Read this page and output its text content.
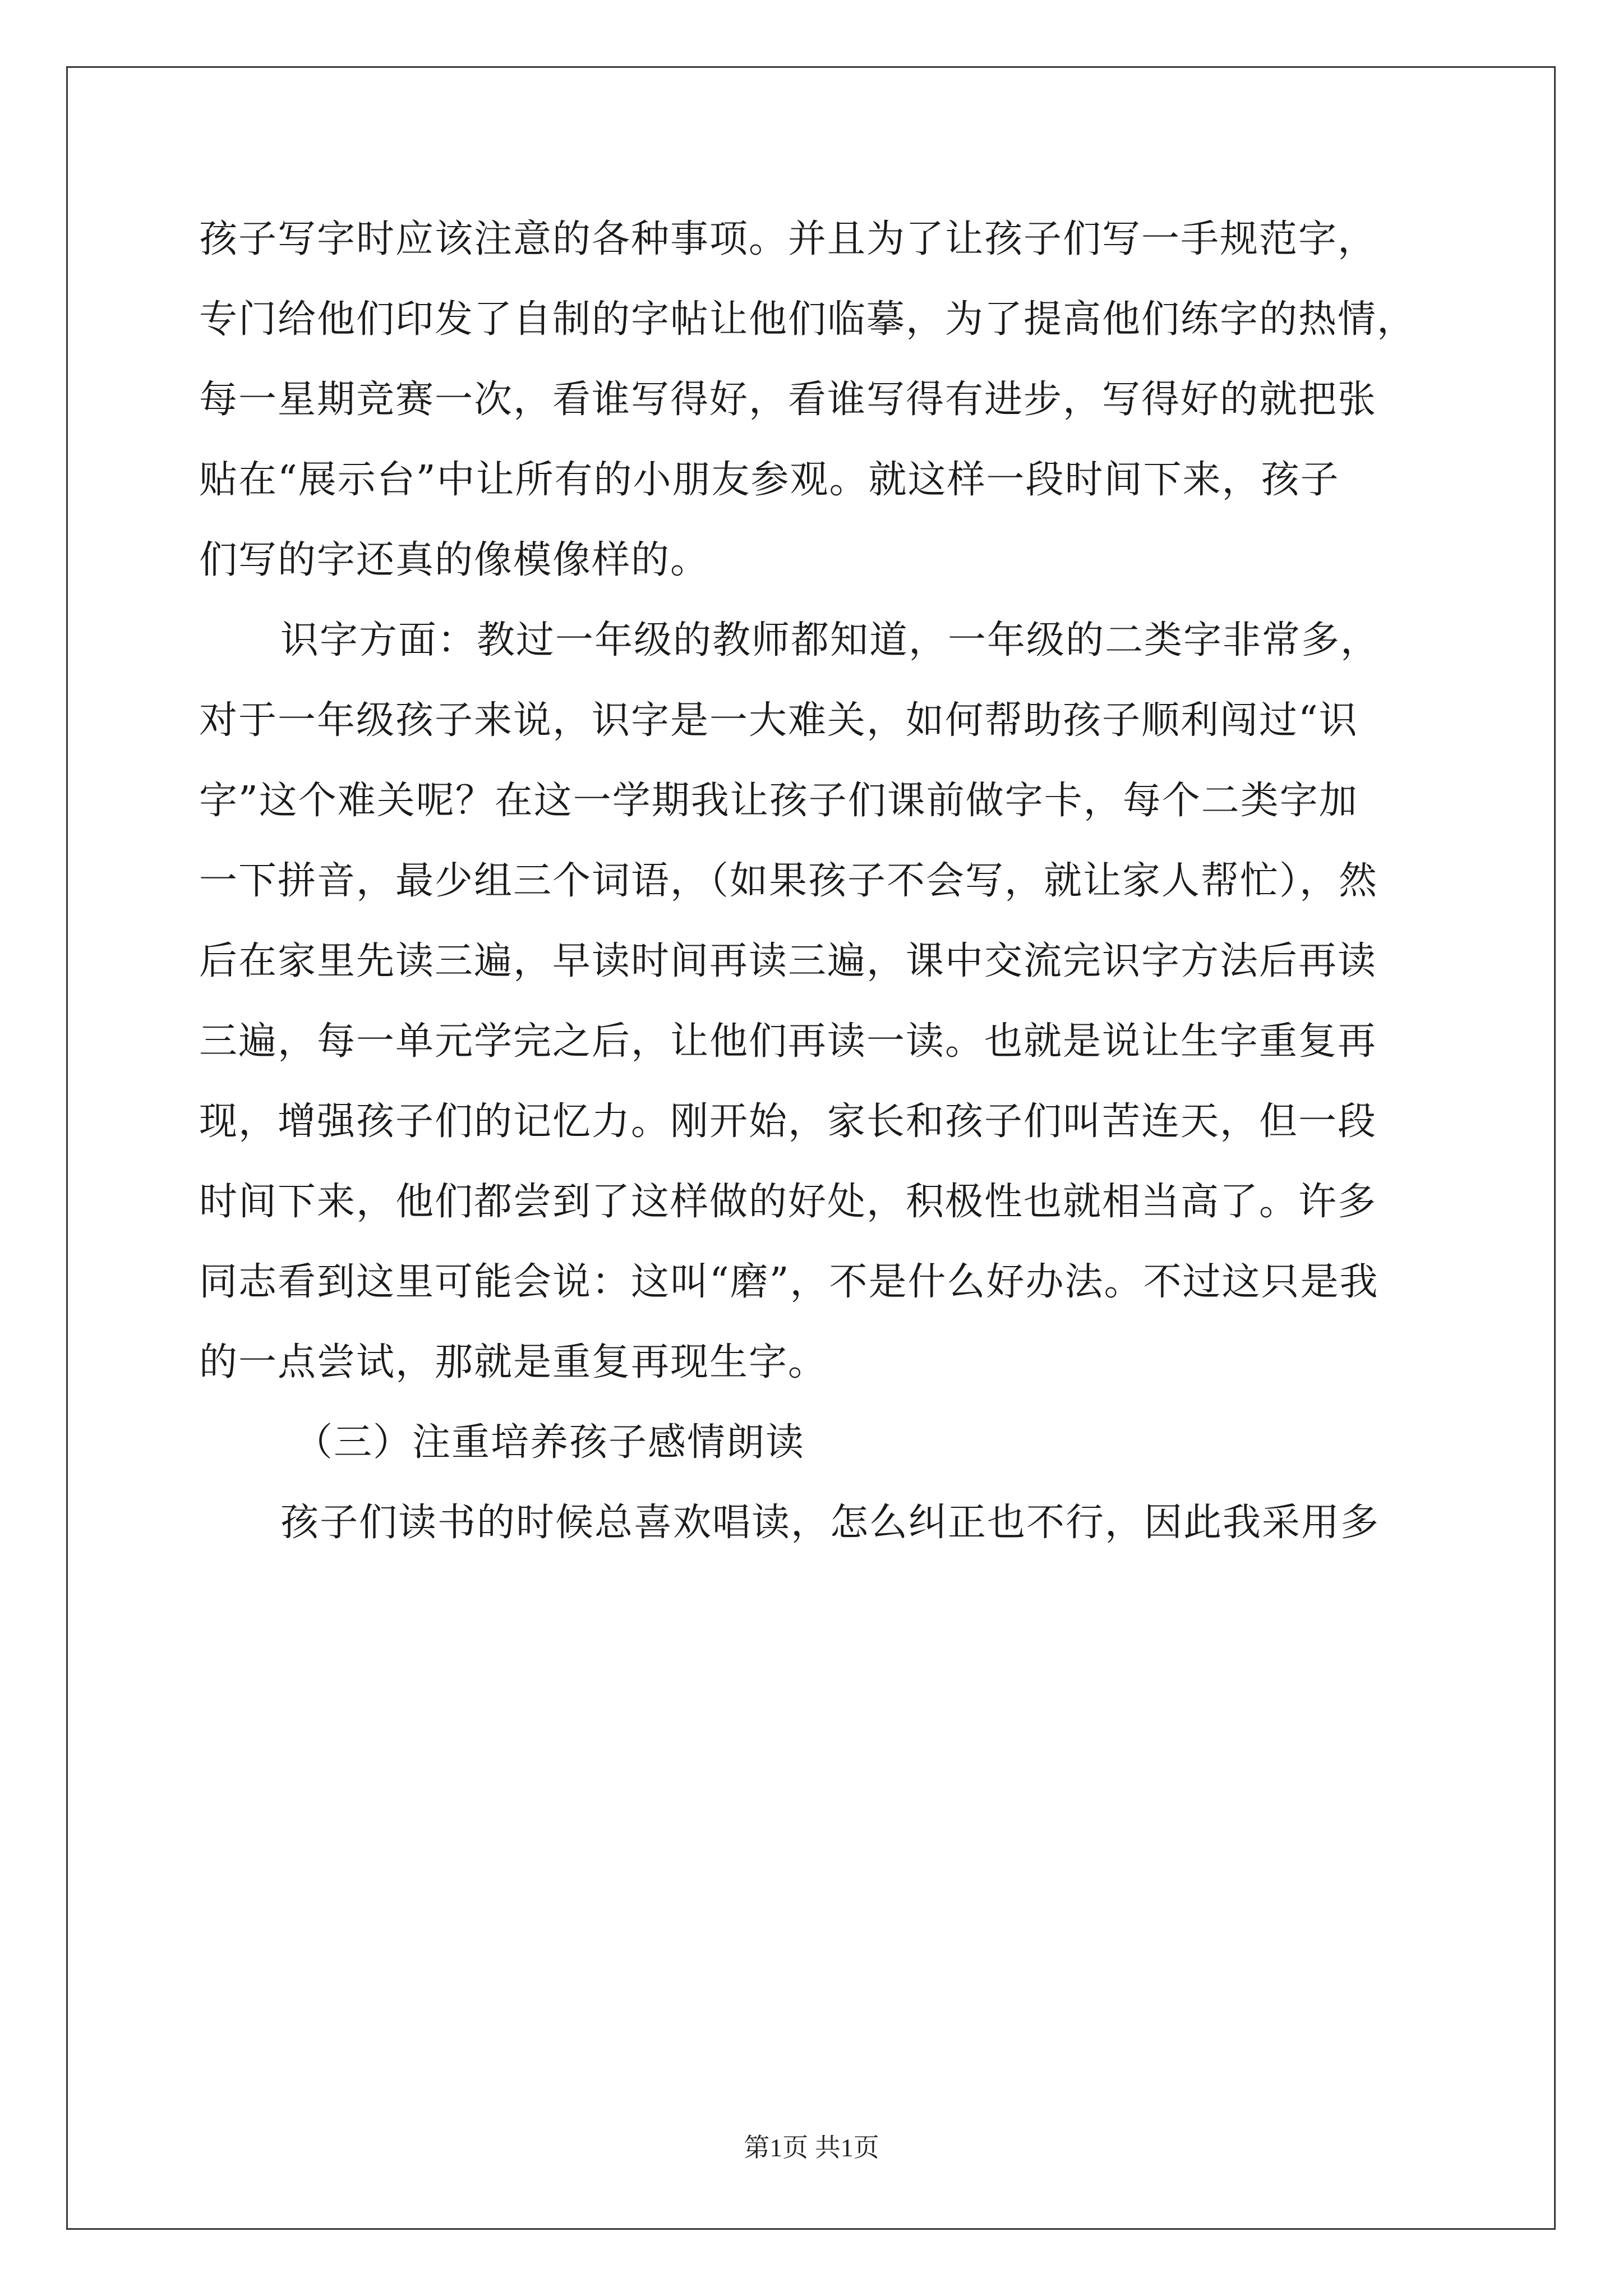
孩子写字时应该注意的各种事项。并且为了让孩子们写一手规范字，
专门给他们印发了自制的字帖让他们临摹，为了提高他们练字的热情，
每一星期竞赛一次，看谁写得好，看谁写得有进步，写得好的就把张
贴在“展示台”中让所有的小朋友参观。就这样一段时间下来，孩子
们写的字还真的像模像样的。
识字方面：教过一年级的教师都知道，一年级的二类字非常多，
对于一年级孩子来说，识字是一大难关，如何帮助孩子顺利闯过“识
字”这个难关呢？在这一学期我让孩子们课前做字卡，每个二类字加
一下拼音，最少组三个词语，（如果孩子不会写，就让家人帮忙），然
后在家里先读三遍，早读时间再读三遍，课中交流完识字方法后再读
三遍，每一单元学完之后，让他们再读一读。也就是说让生字重复再
现，增强孩子们的记忆力。刚开始，家长和孩子们叫苦连天，但一段
时间下来，他们都尝到了这样做的好处，积极性也就相当高了。许多
同志看到这里可能会说：这叫“磨”，不是什么好办法。不过这只是我
的一点尝试，那就是重复再现生字。
（三）注重培养孩子感情朗读
孩子们读书的时候总喜欢唱读，怎么纠正也不行，因此我采用多
第1页 共1页
